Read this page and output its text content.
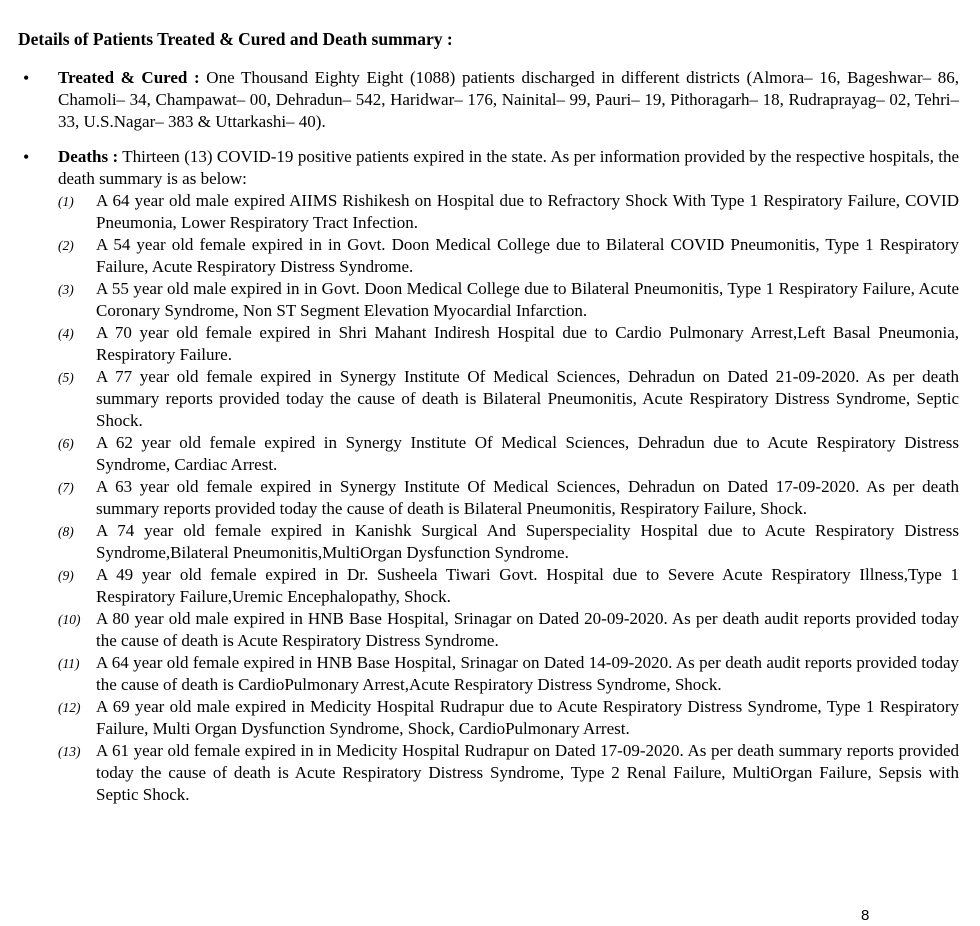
Details of Patients Treated & Cured and Death summary :
• Treated & Cured : One Thousand Eighty Eight (1088) patients discharged in different districts (Almora– 16, Bageshwar– 86, Chamoli– 34, Champawat– 00, Dehradun– 542, Haridwar– 176, Nainital– 99, Pauri– 19, Pithoragarh– 18, Rudraprayag– 02, Tehri– 33, U.S.Nagar– 383 & Uttarkashi– 40).
• Deaths : Thirteen (13) COVID-19 positive patients expired in the state. As per information provided by the respective hospitals, the death summary is as below:
(1) A 64 year old male expired AIIMS Rishikesh on Hospital due to Refractory Shock With Type 1 Respiratory Failure, COVID Pneumonia, Lower Respiratory Tract Infection.
(2) A 54 year old female expired in in Govt. Doon Medical College due to Bilateral COVID Pneumonitis, Type 1 Respiratory Failure, Acute Respiratory Distress Syndrome.
(3) A 55 year old male expired in in Govt. Doon Medical College due to Bilateral Pneumonitis, Type 1 Respiratory Failure, Acute Coronary Syndrome, Non ST Segment Elevation Myocardial Infarction.
(4) A 70 year old female expired in Shri Mahant Indiresh Hospital due to Cardio Pulmonary Arrest,Left Basal Pneumonia, Respiratory Failure.
(5) A 77 year old female expired in Synergy Institute Of Medical Sciences, Dehradun on Dated 21-09-2020. As per death summary reports provided today the cause of death is Bilateral Pneumonitis, Acute Respiratory Distress Syndrome, Septic Shock.
(6) A 62 year old female expired in Synergy Institute Of Medical Sciences, Dehradun due to Acute Respiratory Distress Syndrome, Cardiac Arrest.
(7) A 63 year old female expired in Synergy Institute Of Medical Sciences, Dehradun on Dated 17-09-2020. As per death summary reports provided today the cause of death is Bilateral Pneumonitis, Respiratory Failure, Shock.
(8) A 74 year old female expired in Kanishk Surgical And Superspeciality Hospital due to Acute Respiratory Distress Syndrome,Bilateral Pneumonitis,MultiOrgan Dysfunction Syndrome.
(9) A 49 year old female expired in Dr. Susheela Tiwari Govt. Hospital due to Severe Acute Respiratory Illness,Type 1 Respiratory Failure,Uremic Encephalopathy, Shock.
(10) A 80 year old male expired in HNB Base Hospital, Srinagar on Dated 20-09-2020. As per death audit reports provided today the cause of death is Acute Respiratory Distress Syndrome.
(11) A 64 year old female expired in HNB Base Hospital, Srinagar on Dated 14-09-2020. As per death audit reports provided today the cause of death is CardioPulmonary Arrest,Acute Respiratory Distress Syndrome, Shock.
(12) A 69 year old male expired in Medicity Hospital Rudrapur due to Acute Respiratory Distress Syndrome, Type 1 Respiratory Failure, Multi Organ Dysfunction Syndrome, Shock, CardioPulmonary Arrest.
(13) A 61 year old female expired in in Medicity Hospital Rudrapur on Dated 17-09-2020. As per death summary reports provided today the cause of death is Acute Respiratory Distress Syndrome, Type 2 Renal Failure, MultiOrgan Failure, Sepsis with Septic Shock.
8
